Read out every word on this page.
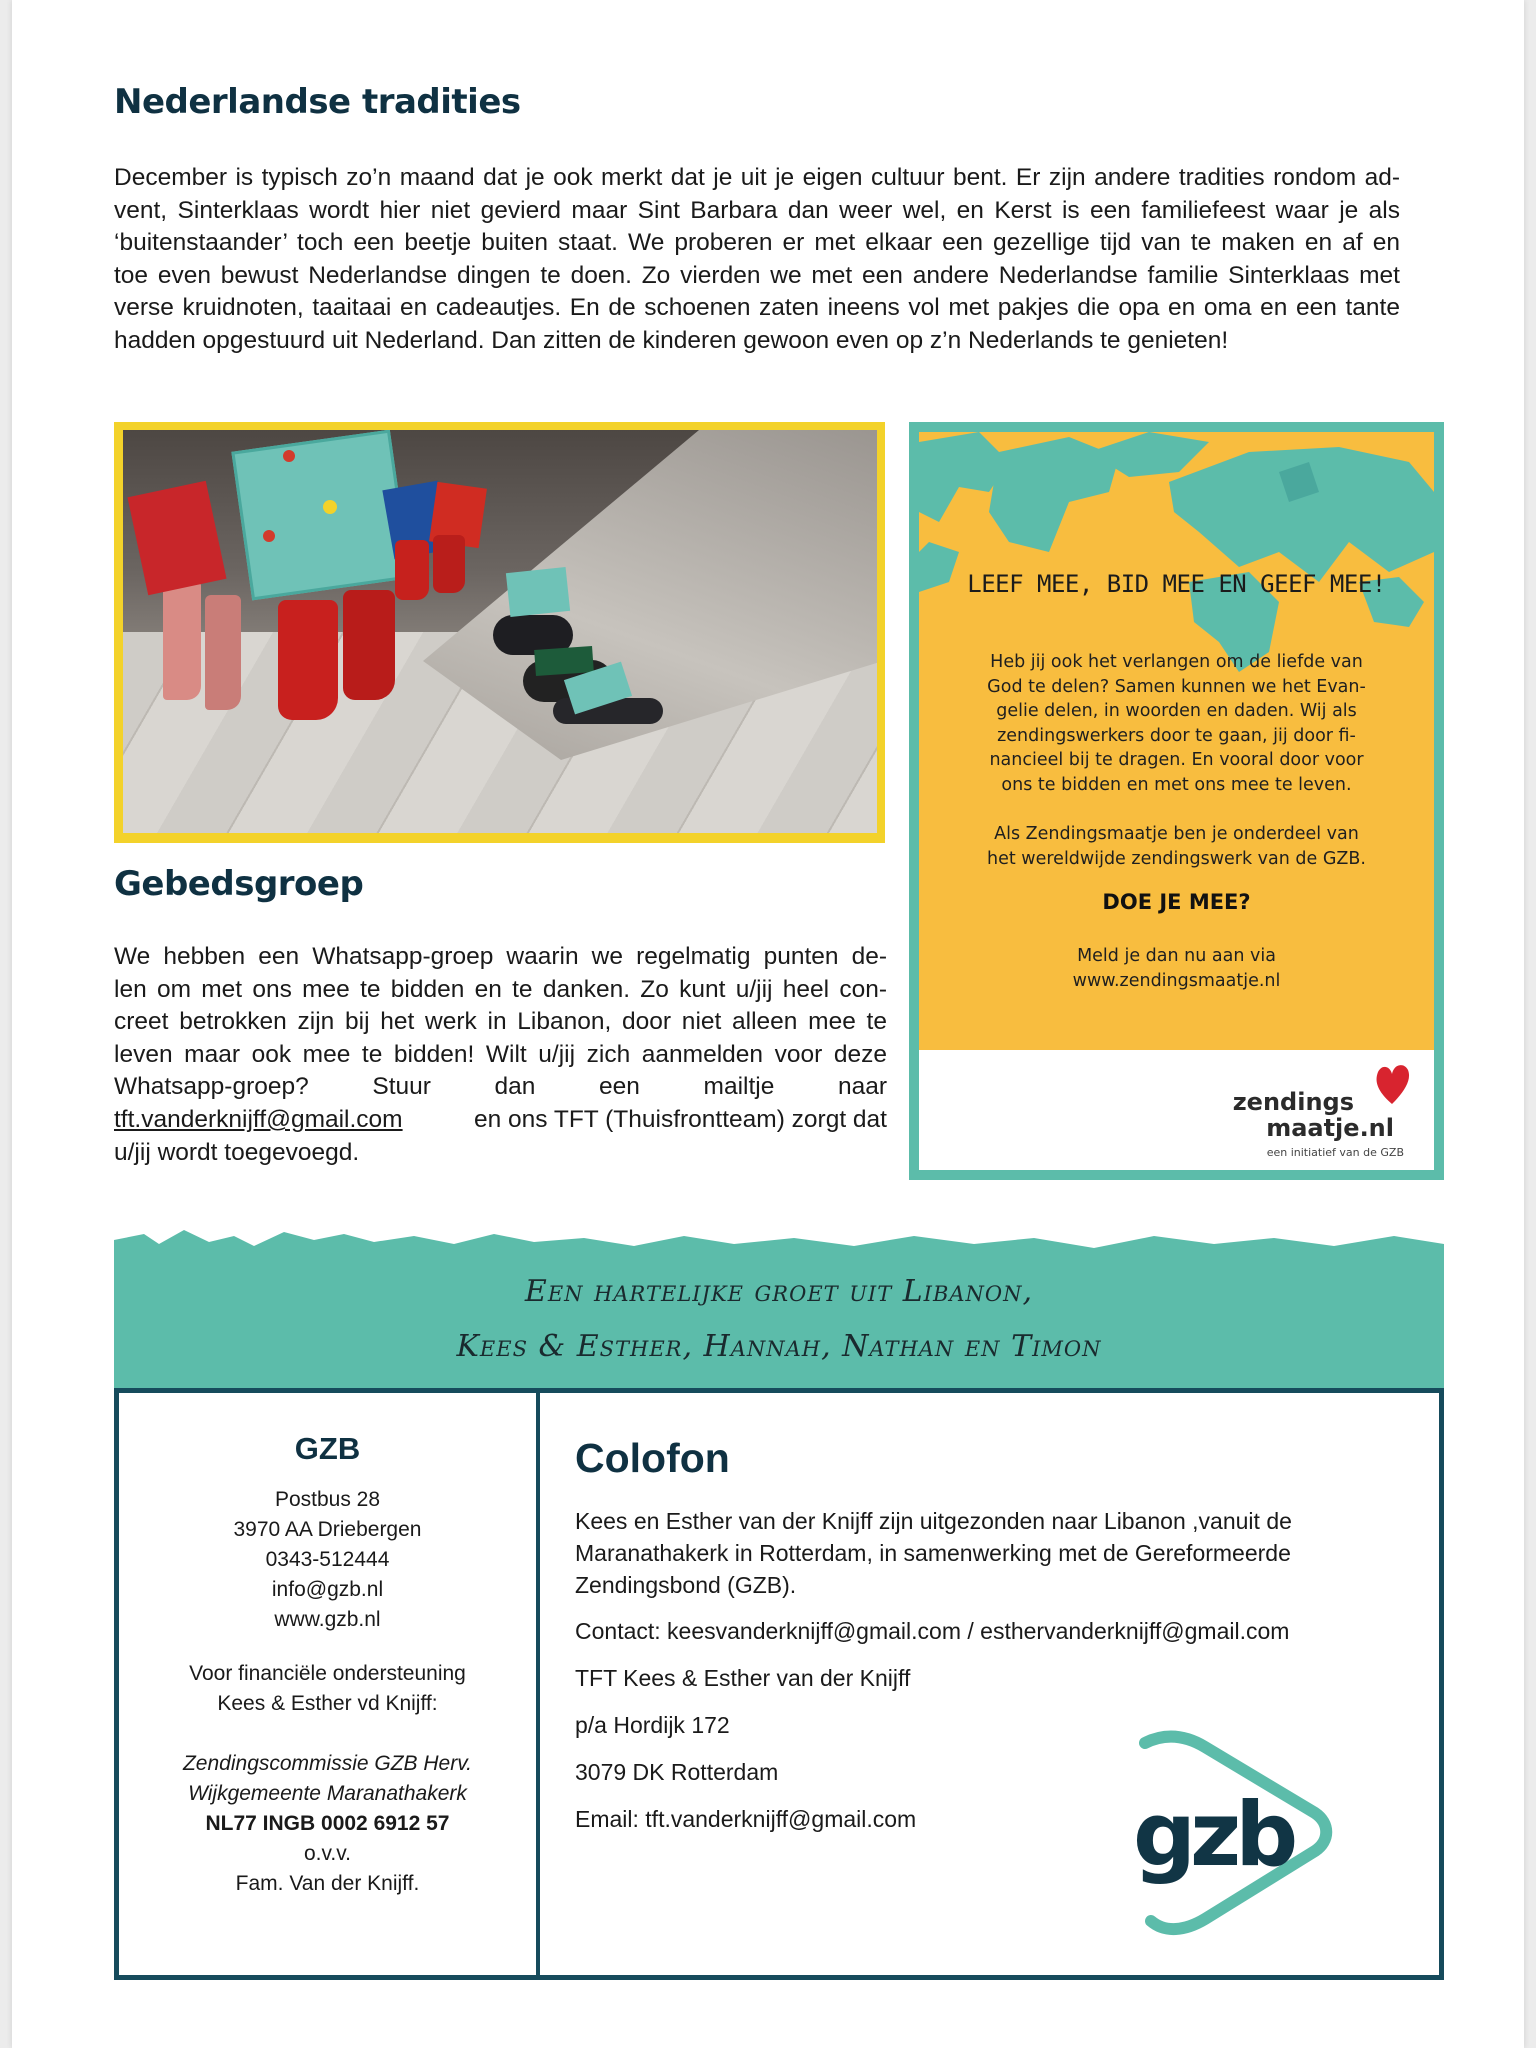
Nederlandse tradities
December is typisch zo’n maand dat je ook merkt dat je uit je eigen cultuur bent. Er zijn andere tradities rondom ad-
vent, Sinterklaas wordt hier niet gevierd maar Sint Barbara dan weer wel, en Kerst is een familiefeest waar je als
‘buitenstaander’ toch een beetje buiten staat. We proberen er met elkaar een gezellige tijd van te maken en af en
toe even bewust Nederlandse dingen te doen. Zo vierden we met een andere Nederlandse familie Sinterklaas met
verse kruidnoten, taaitaai en cadeautjes. En de schoenen zaten ineens vol met pakjes die opa en oma en een tante
hadden opgestuurd uit Nederland. Dan zitten de kinderen gewoon even op z’n Nederlands te genieten!
Gebedsgroep
We hebben een Whatsapp-groep waarin we regelmatig punten de-
len om met ons mee te bidden en te danken. Zo kunt u/jij heel con-
creet betrokken zijn bij het werk in Libanon, door niet alleen mee te
leven maar ook mee te bidden! Wilt u/jij zich aanmelden voor deze
Whatsapp-groep?	Stuur	dan	een	mailtje	naar
tft.vanderknijff@gmail.com	en ons TFT (Thuisfrontteam) zorgt dat
u/jij wordt toegevoegd.
LEEF MEE, BID MEE EN GEEF MEE!
Heb jij ook het verlangen om de liefde van
God te delen? Samen kunnen we het Evan-
gelie delen, in woorden en daden. Wij als
zendingswerkers door te gaan, jij door fi-
nancieel bij te dragen. En vooral door voor
ons te bidden en met ons mee te leven.
Als Zendingsmaatje ben je onderdeel van
het wereldwijde zendingswerk van de GZB.
DOE JE MEE?
Meld je dan nu aan via
www.zendingsmaatje.nl
zendings
maatje.nl
een initiatief van de GZB
Een hartelijke groet uit Libanon,
Kees & Esther, Hannah, Nathan en Timon
GZB
Postbus 28
3970 AA Driebergen
0343-512444
info@gzb.nl
www.gzb.nl
Voor financiële ondersteuning
Kees & Esther vd Knijff:
Zendingscommissie GZB Herv.
Wijkgemeente Maranathakerk
NL77 INGB 0002 6912 57
o.v.v.
Fam. Van der Knijff.
Colofon
Kees en Esther van der Knijff zijn uitgezonden naar Libanon ,vanuit de
Maranathakerk in Rotterdam, in samenwerking met de Gereformeerde
Zendingsbond (GZB).
Contact: keesvanderknijff@gmail.com / esthervanderknijff@gmail.com
TFT Kees & Esther van der Knijff
p/a Hordijk 172
3079 DK Rotterdam
Email: tft.vanderknijff@gmail.com	gzb
